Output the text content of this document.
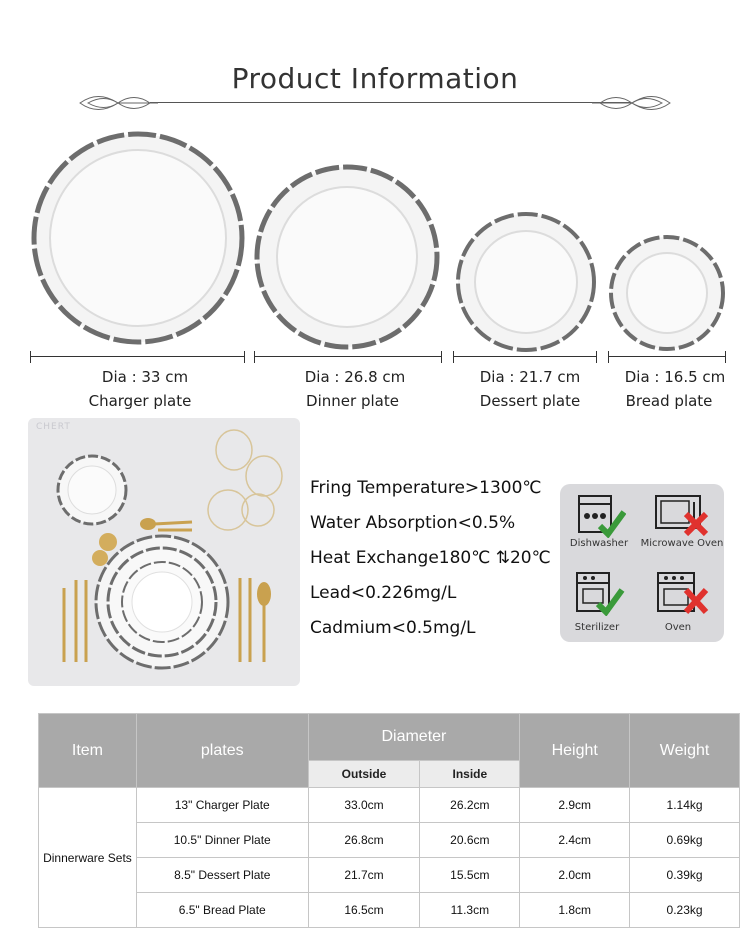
Product Information
Dia : 33 cm
Charger plate
Dia : 26.8 cm
Dinner plate
Dia : 21.7 cm
Dessert plate
Dia : 16.5 cm
Bread plate
CHERT
Fring Temperature>1300℃
Water Absorption<0.5%
Heat Exchange180℃ ⇅20℃
Lead<0.226mg/L
Cadmium<0.5mg/L
Dishwasher	Microwave Oven
Sterilizer	Oven
Item	plates	Diameter		Height	Weight
		Outside	Inside		
Dinnerware Sets	13" Charger Plate	33.0cm	26.2cm	2.9cm	1.14kg
	10.5" Dinner Plate	26.8cm	20.6cm	2.4cm	0.69kg
	8.5" Dessert Plate	21.7cm	15.5cm	2.0cm	0.39kg
	6.5" Bread Plate	16.5cm	11.3cm	1.8cm	0.23kg
